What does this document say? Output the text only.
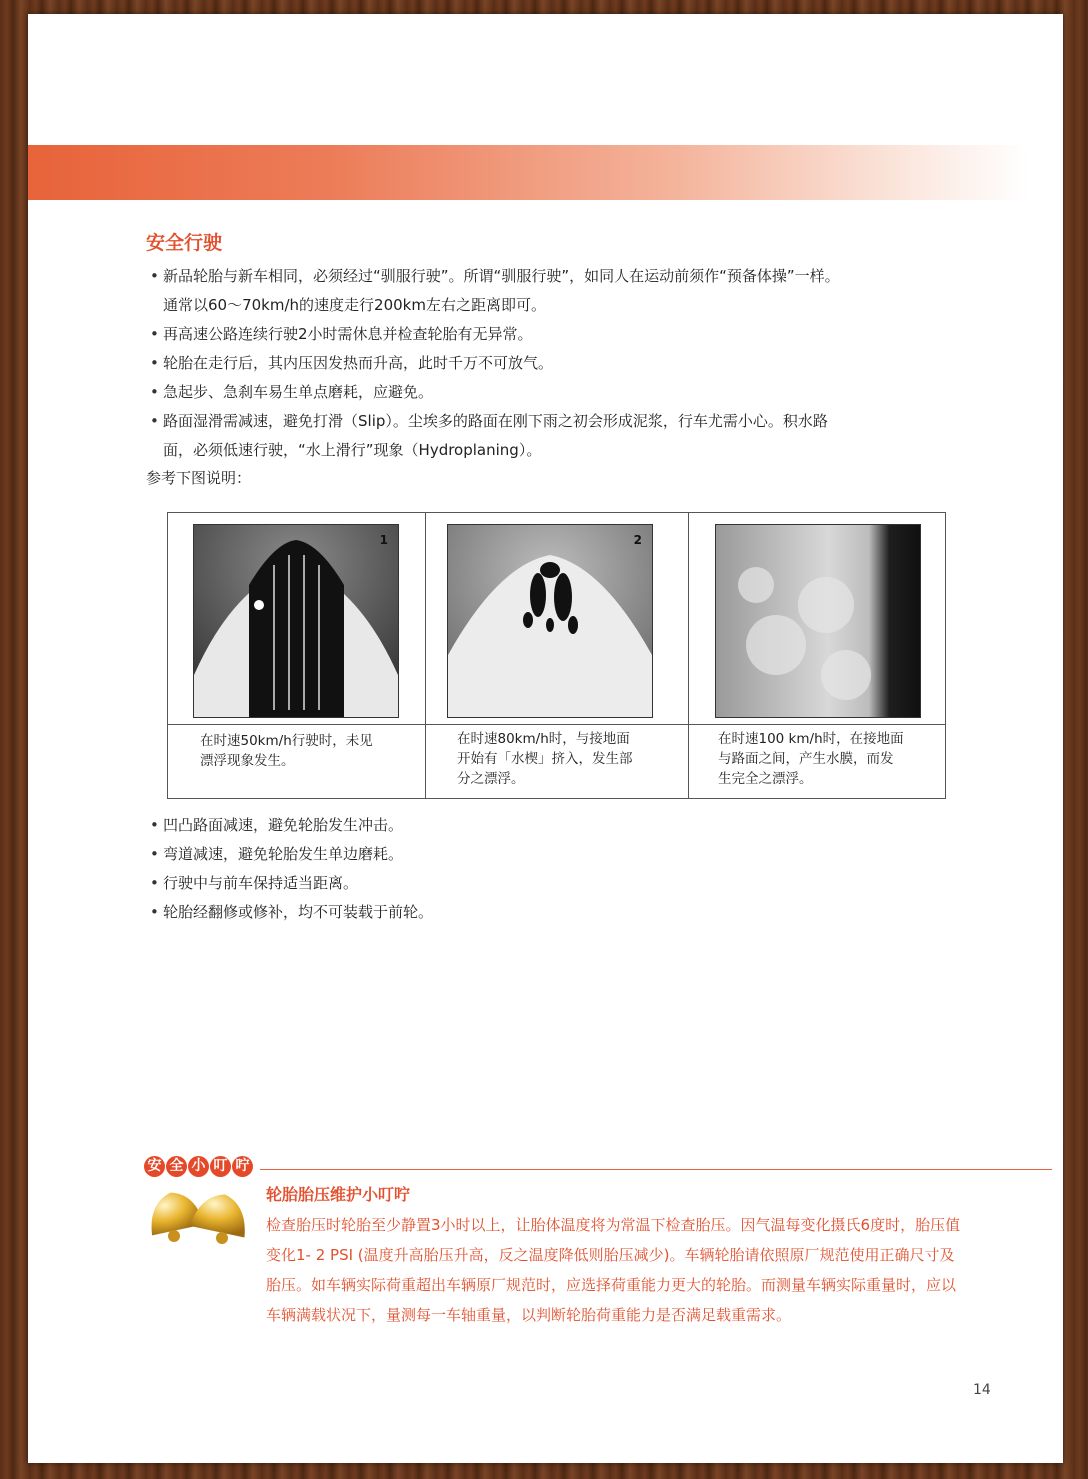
安全行驶
• 新品轮胎与新车相同，必须经过“驯服行驶”。所谓“驯服行驶”，如同人在运动前须作“预备体操”一样。通常以60～70km/h的速度走行200km左右之距离即可。
• 再高速公路连续行驶2小时需休息并检查轮胎有无异常。
• 轮胎在走行后，其内压因发热而升高，此时千万不可放气。
• 急起步、急刹车易生单点磨耗，应避免。
• 路面湿滑需减速，避免打滑（Slip）。尘埃多的路面在刚下雨之初会形成泥浆，行车尤需小心。积水路面，必须低速行驶，“水上滑行”现象（Hydroplaning）。

参考下图说明：

1
在时速50km/h行驶时，未见
漂浮现象发生。
2
在时速80km/h时，与接地面
开始有「水楔」挤入，发生部
分之漂浮。
在时速100 km/h时，在接地面
与路面之间，产生水膜，而发
生完全之漂浮。
• 凹凸路面减速，避免轮胎发生冲击。
• 弯道减速，避免轮胎发生单边磨耗。
• 行驶中与前车保持适当距离。
• 轮胎经翻修或修补，均不可装载于前轮。
安 全 小 叮 咛
轮胎胎压维护小叮咛

检查胎压时轮胎至少静置3小时以上，让胎体温度将为常温下检查胎压。因气温每变化摄氏6度时，胎压值变化1- 2 PSI (温度升高胎压升高，反之温度降低则胎压减少)。车辆轮胎请依照原厂规范使用正确尺寸及胎压。如车辆实际荷重超出车辆原厂规范时，应选择荷重能力更大的轮胎。而测量车辆实际重量时，应以车辆满载状况下，量测每一车轴重量，以判断轮胎荷重能力是否满足载重需求。

14
